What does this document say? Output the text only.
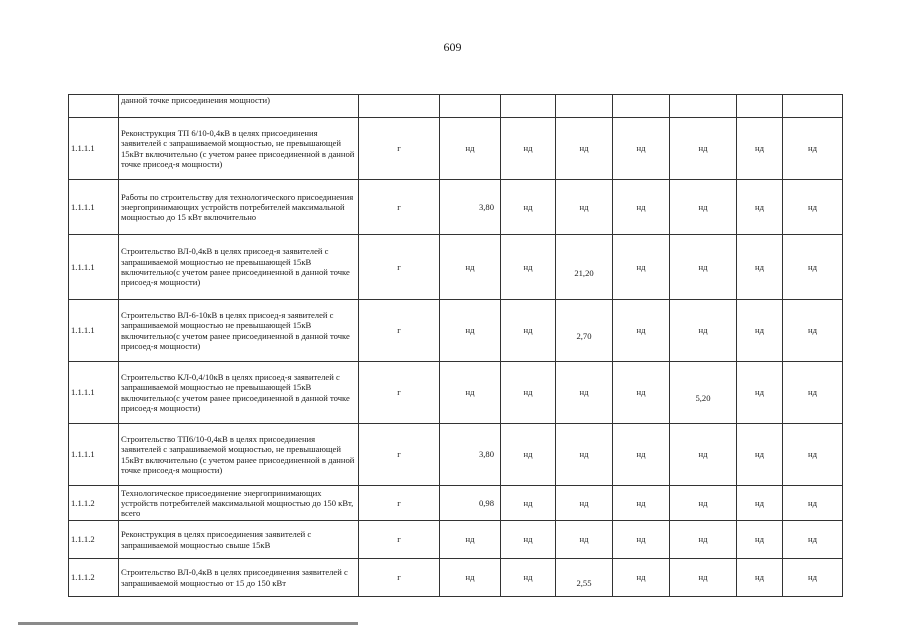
609
	данной точке присоединения мощности)								
1.1.1.1	Реконструкция ТП 6/10-0,4кВ в целях присоединения заявителей с запрашиваемой мощностью, не превышающей 15кВт включительно (с учетом ранее присоединенной в данной точке присоед-я мощности)	г	нд	нд	нд	нд	нд	нд	нд
1.1.1.1	Работы по строительству для технологического присоединения энергопринимающих устройств потребителей максимальной мощностью до 15 кВт включительно	г	3,80	нд	нд	нд	нд	нд	нд
1.1.1.1	Строительство ВЛ-0,4кВ в целях присоед-я заявителей с запрашиваемой мощностью не превышающей 15кВ включительно(с учетом ранее присоединенной в данной точке присоед-я мощности)	г	нд	нд	21,20	нд	нд	нд	нд
1.1.1.1	Строительство ВЛ-6-10кВ в целях присоед-я заявителей с запрашиваемой мощностью не превышающей 15кВ включительно(с учетом ранее присоединенной в данной точке присоед-я мощности)	г	нд	нд	2,70	нд	нд	нд	нд
1.1.1.1	Строительство КЛ-0,4/10кВ в целях присоед-я заявителей с запрашиваемой мощностью не превышающей 15кВ включительно(с учетом ранее присоединенной в данной точке присоед-я мощности)	г	нд	нд	нд	нд	5,20	нд	нд
1.1.1.1	Строительство ТП6/10-0,4кВ в целях присоединения заявителей с запрашиваемой мощностью, не превышающей 15кВт включительно (с учетом ранее присоединенной в данной точке присоед-я мощности)	г	3,80	нд	нд	нд	нд	нд	нд
1.1.1.2	Технологическое присоединение энергопринимающих устройств потребителей максимальной мощностью до 150 кВт, всего	г	0,98	нд	нд	нд	нд	нд	нд
1.1.1.2	Реконструкция в целях присоединения заявителей с запрашиваемой мощностью свыше 15кВ	г	нд	нд	нд	нд	нд	нд	нд
1.1.1.2	Строительство ВЛ-0,4кВ в целях присоединения заявителей с запрашиваемой мощностью от 15 до 150 кВт	г	нд	нд	2,55	нд	нд	нд	нд
